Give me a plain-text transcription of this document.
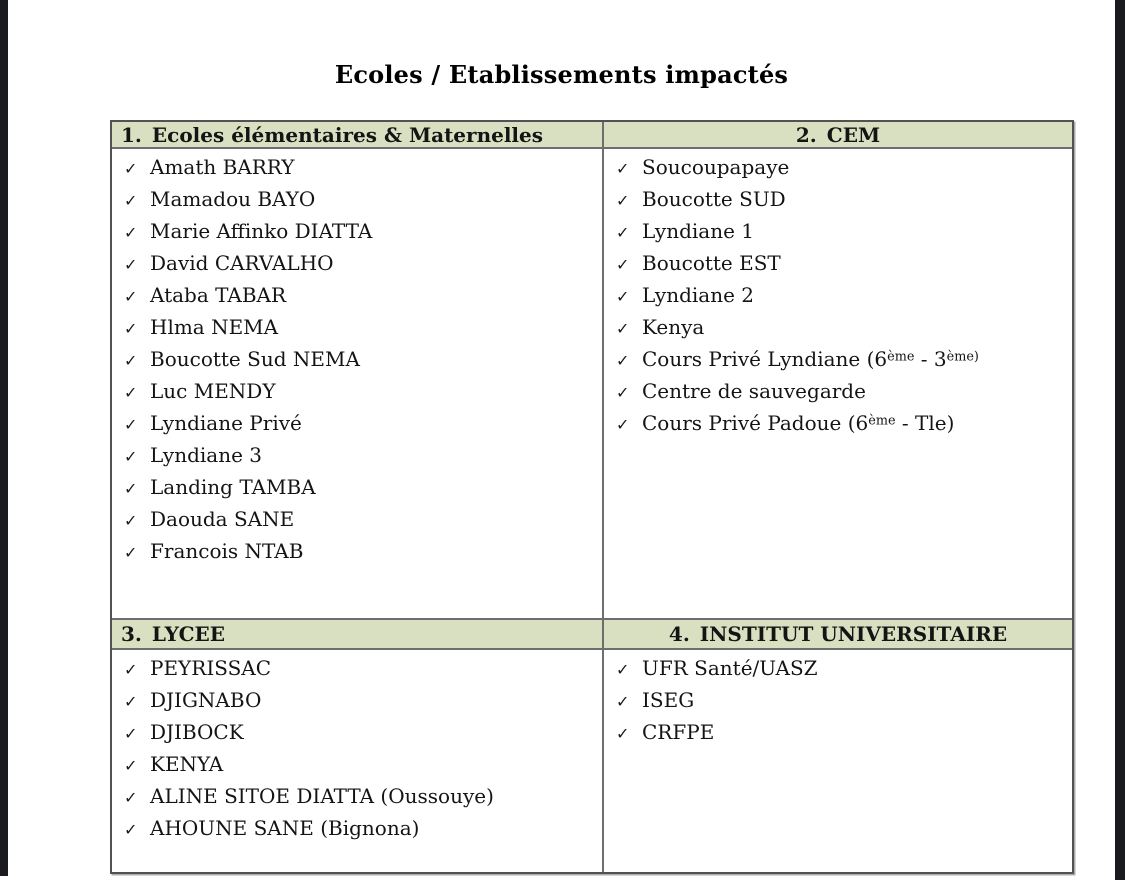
Ecoles / Etablissements impactés
1. Ecoles élémentaires & Maternelles	2. CEM
✓ Amath BARRY
✓ Mamadou BAYO
✓ Marie Affinko DIATTA
✓ David CARVALHO
✓ Ataba TABAR
✓ Hlma NEMA
✓ Boucotte Sud NEMA
✓ Luc MENDY
✓ Lyndiane Privé
✓ Lyndiane 3
✓ Landing TAMBA
✓ Daouda SANE
✓ Francois NTAB
✓ Soucoupapaye
✓ Boucotte SUD
✓ Lyndiane 1
✓ Boucotte EST
✓ Lyndiane 2
✓ Kenya
✓ Cours Privé Lyndiane ($6ème - 3^{ème)}$
✓ Centre de sauvegarde
✓ Cours Privé Padoue (6ème - Tle)
3. LYCEE	4. INSTITUT UNIVERSITAIRE
✓ PEYRISSAC
✓ DJIGNABO
✓ DJIBOCK
✓ KENYA
✓ ALINE SITOE DIATTA (Oussouye)
✓ AHOUNE SANE (Bignona)
✓ UFR Santé/UASZ
✓ ISEG
✓ CRFPE
